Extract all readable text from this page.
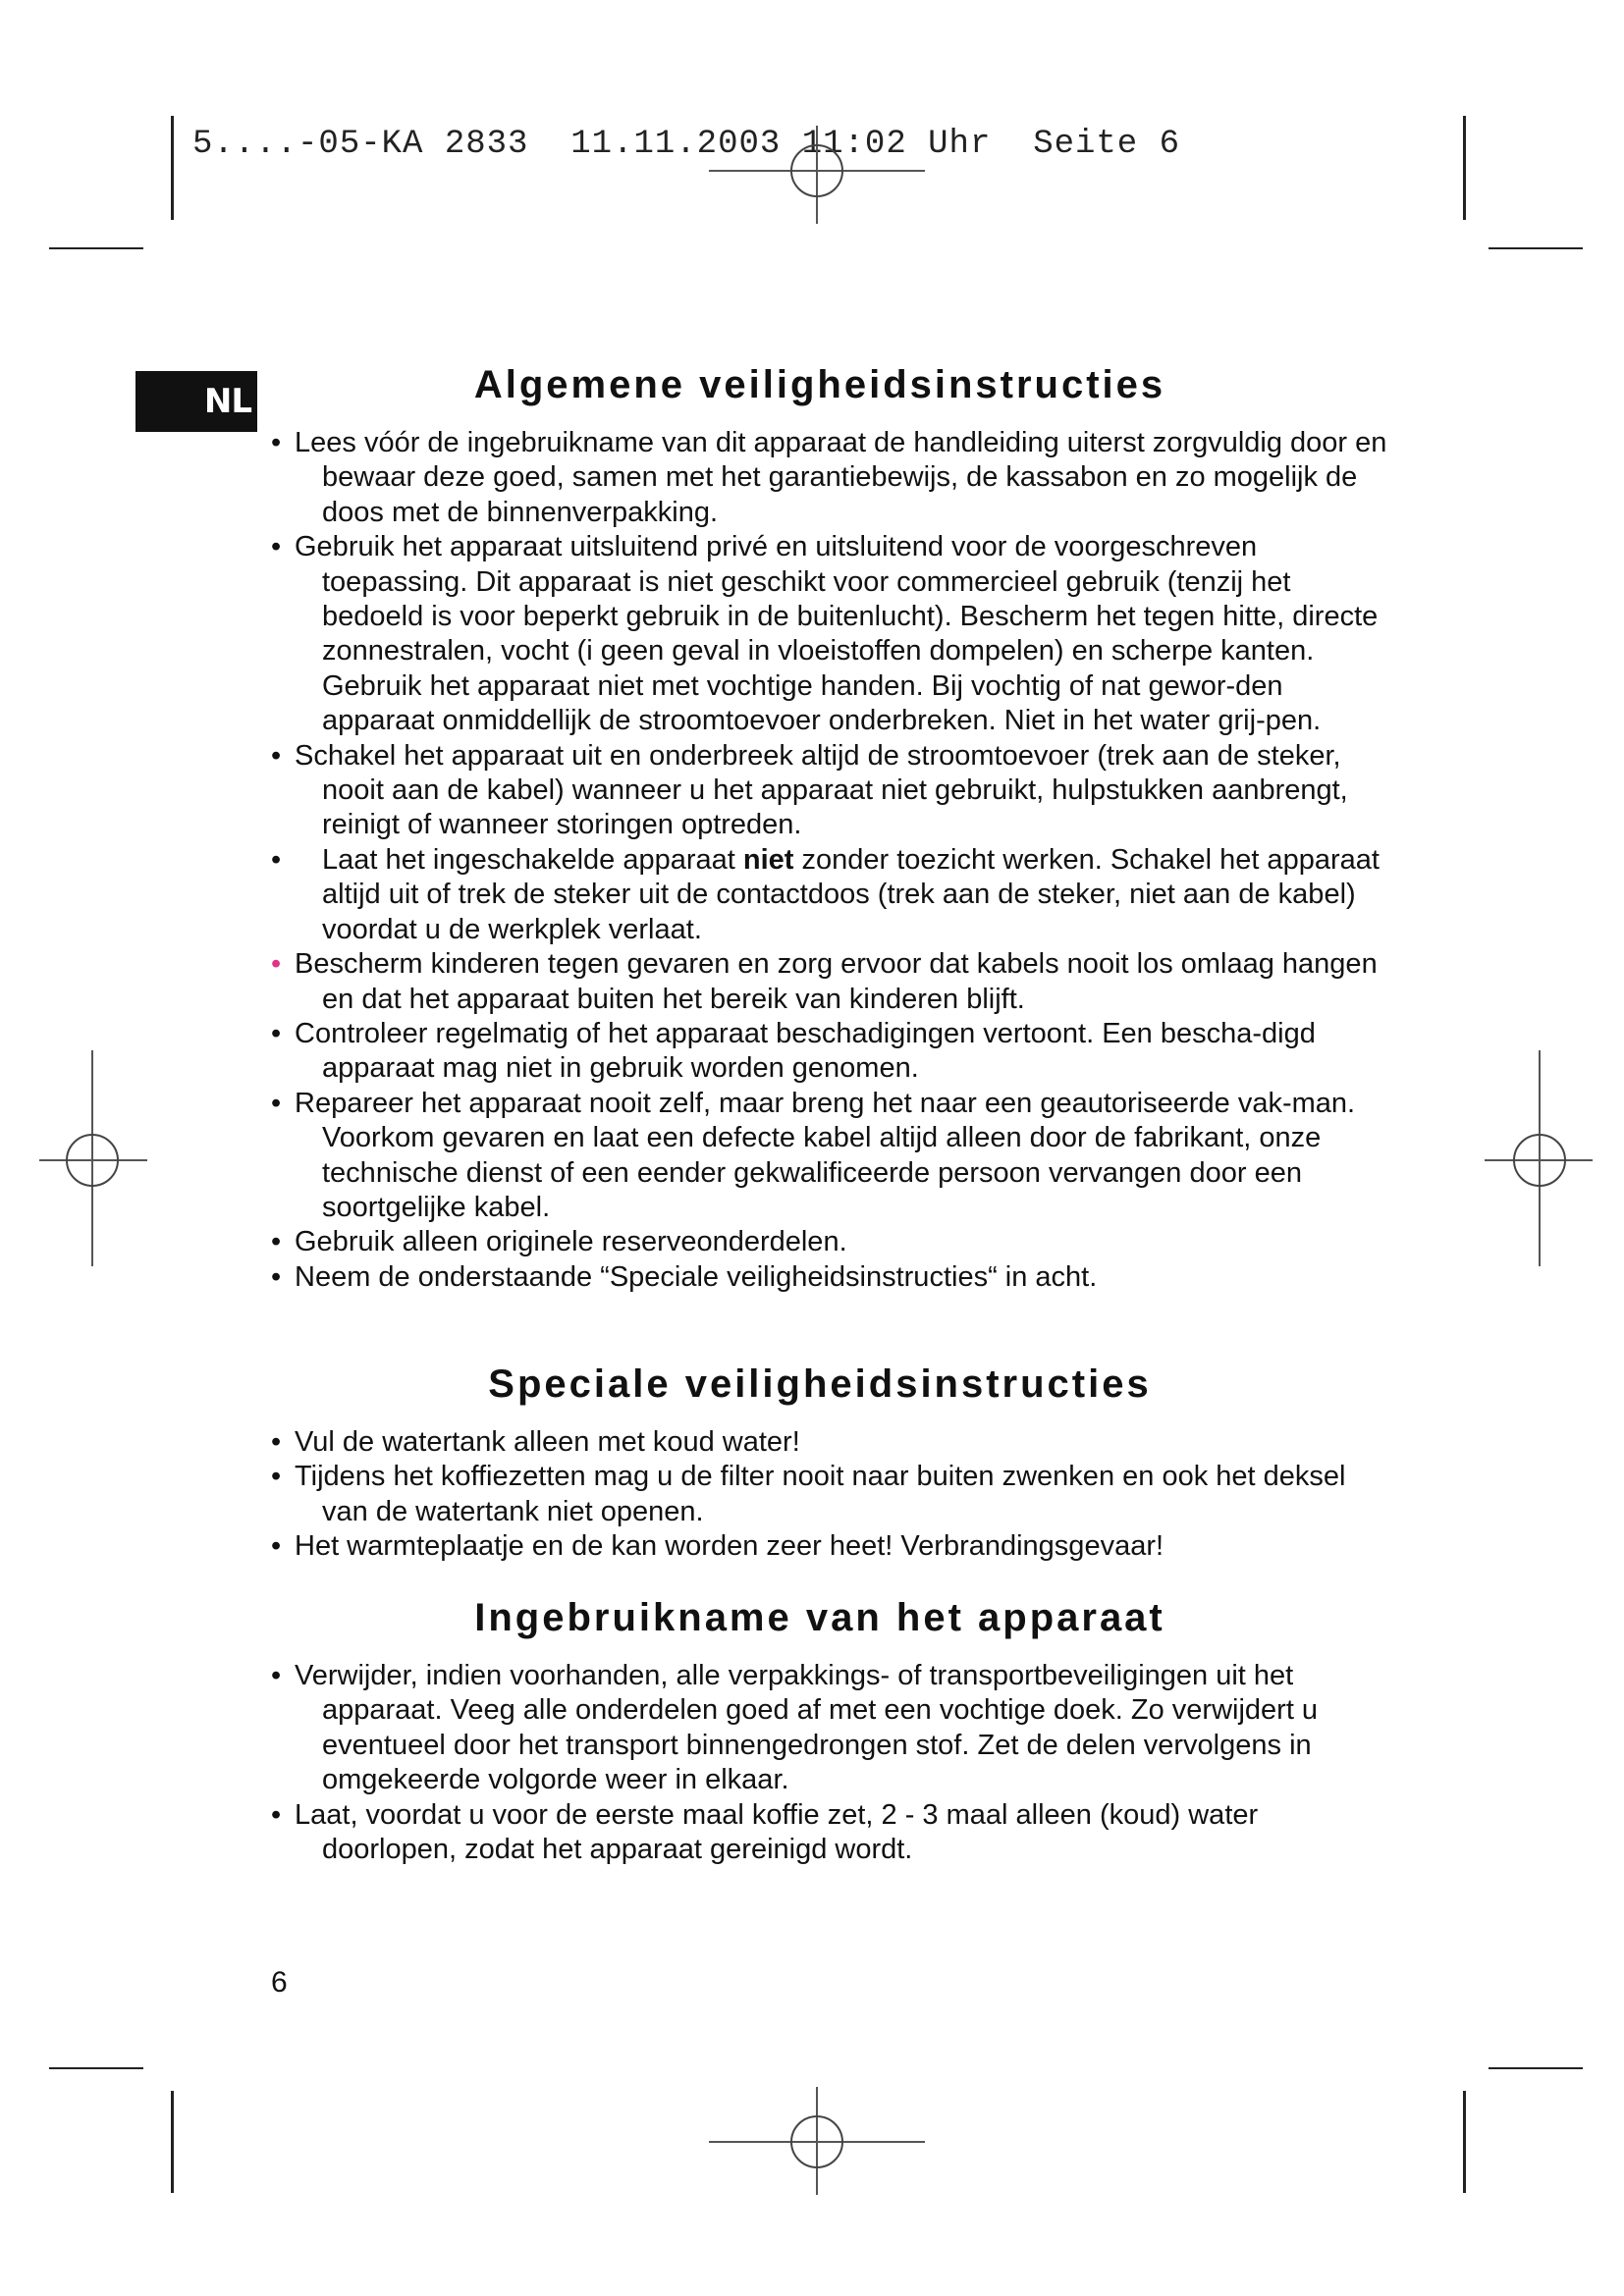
5....-05-KA 2833 11.11.2003 11:02 Uhr Seite 6
NL	Algemene veiligheidsinstructies
• Lees vóór de ingebruikname van dit apparaat de handleiding uiterst zorgvuldig door en bewaar deze goed, samen met het garantiebewijs, de kassabon en zo mogelijk de doos met de binnenverpakking.
• Gebruik het apparaat uitsluitend privé en uitsluitend voor de voorgeschreven toepassing. Dit apparaat is niet geschikt voor commercieel gebruik (tenzij het bedoeld is voor beperkt gebruik in de buitenlucht). Bescherm het tegen hitte, directe zonnestralen, vocht (i geen geval in vloeistoffen dompelen) en scherpe kanten. Gebruik het apparaat niet met vochtige handen. Bij vochtig of nat gewor-den apparaat onmiddellijk de stroomtoevoer onderbreken. Niet in het water grij-pen.
• Schakel het apparaat uit en onderbreek altijd de stroomtoevoer (trek aan de steker, nooit aan de kabel) wanneer u het apparaat niet gebruikt, hulpstukken aanbrengt, reinigt of wanneer storingen optreden.
• Laat het ingeschakelde apparaat niet zonder toezicht werken. Schakel het apparaat altijd uit of trek de steker uit de contactdoos (trek aan de steker, niet aan de kabel) voordat u de werkplek verlaat.
• Bescherm kinderen tegen gevaren en zorg ervoor dat kabels nooit los omlaag hangen en dat het apparaat buiten het bereik van kinderen blijft.
• Controleer regelmatig of het apparaat beschadigingen vertoont. Een bescha-digd apparaat mag niet in gebruik worden genomen.
• Repareer het apparaat nooit zelf, maar breng het naar een geautoriseerde vak-man. Voorkom gevaren en laat een defecte kabel altijd alleen door de fabrikant, onze technische dienst of een eender gekwalificeerde persoon vervangen door een soortgelijke kabel.
• Gebruik alleen originele reserveonderdelen.
• Neem de onderstaande “Speciale veiligheidsinstructies“ in acht.
Speciale veiligheidsinstructies
• Vul de watertank alleen met koud water!
• Tijdens het koffiezetten mag u de filter nooit naar buiten zwenken en ook het deksel van de watertank niet openen.
• Het warmteplaatje en de kan worden zeer heet! Verbrandingsgevaar!
Ingebruikname van het apparaat
• Verwijder, indien voorhanden, alle verpakkings- of transportbeveiligingen uit het apparaat. Veeg alle onderdelen goed af met een vochtige doek. Zo verwijdert u eventueel door het transport binnengedrongen stof. Zet de delen vervolgens in omgekeerde volgorde weer in elkaar.
• Laat, voordat u voor de eerste maal koffie zet, 2 - 3 maal alleen (koud) water doorlopen, zodat het apparaat gereinigd wordt.
6
